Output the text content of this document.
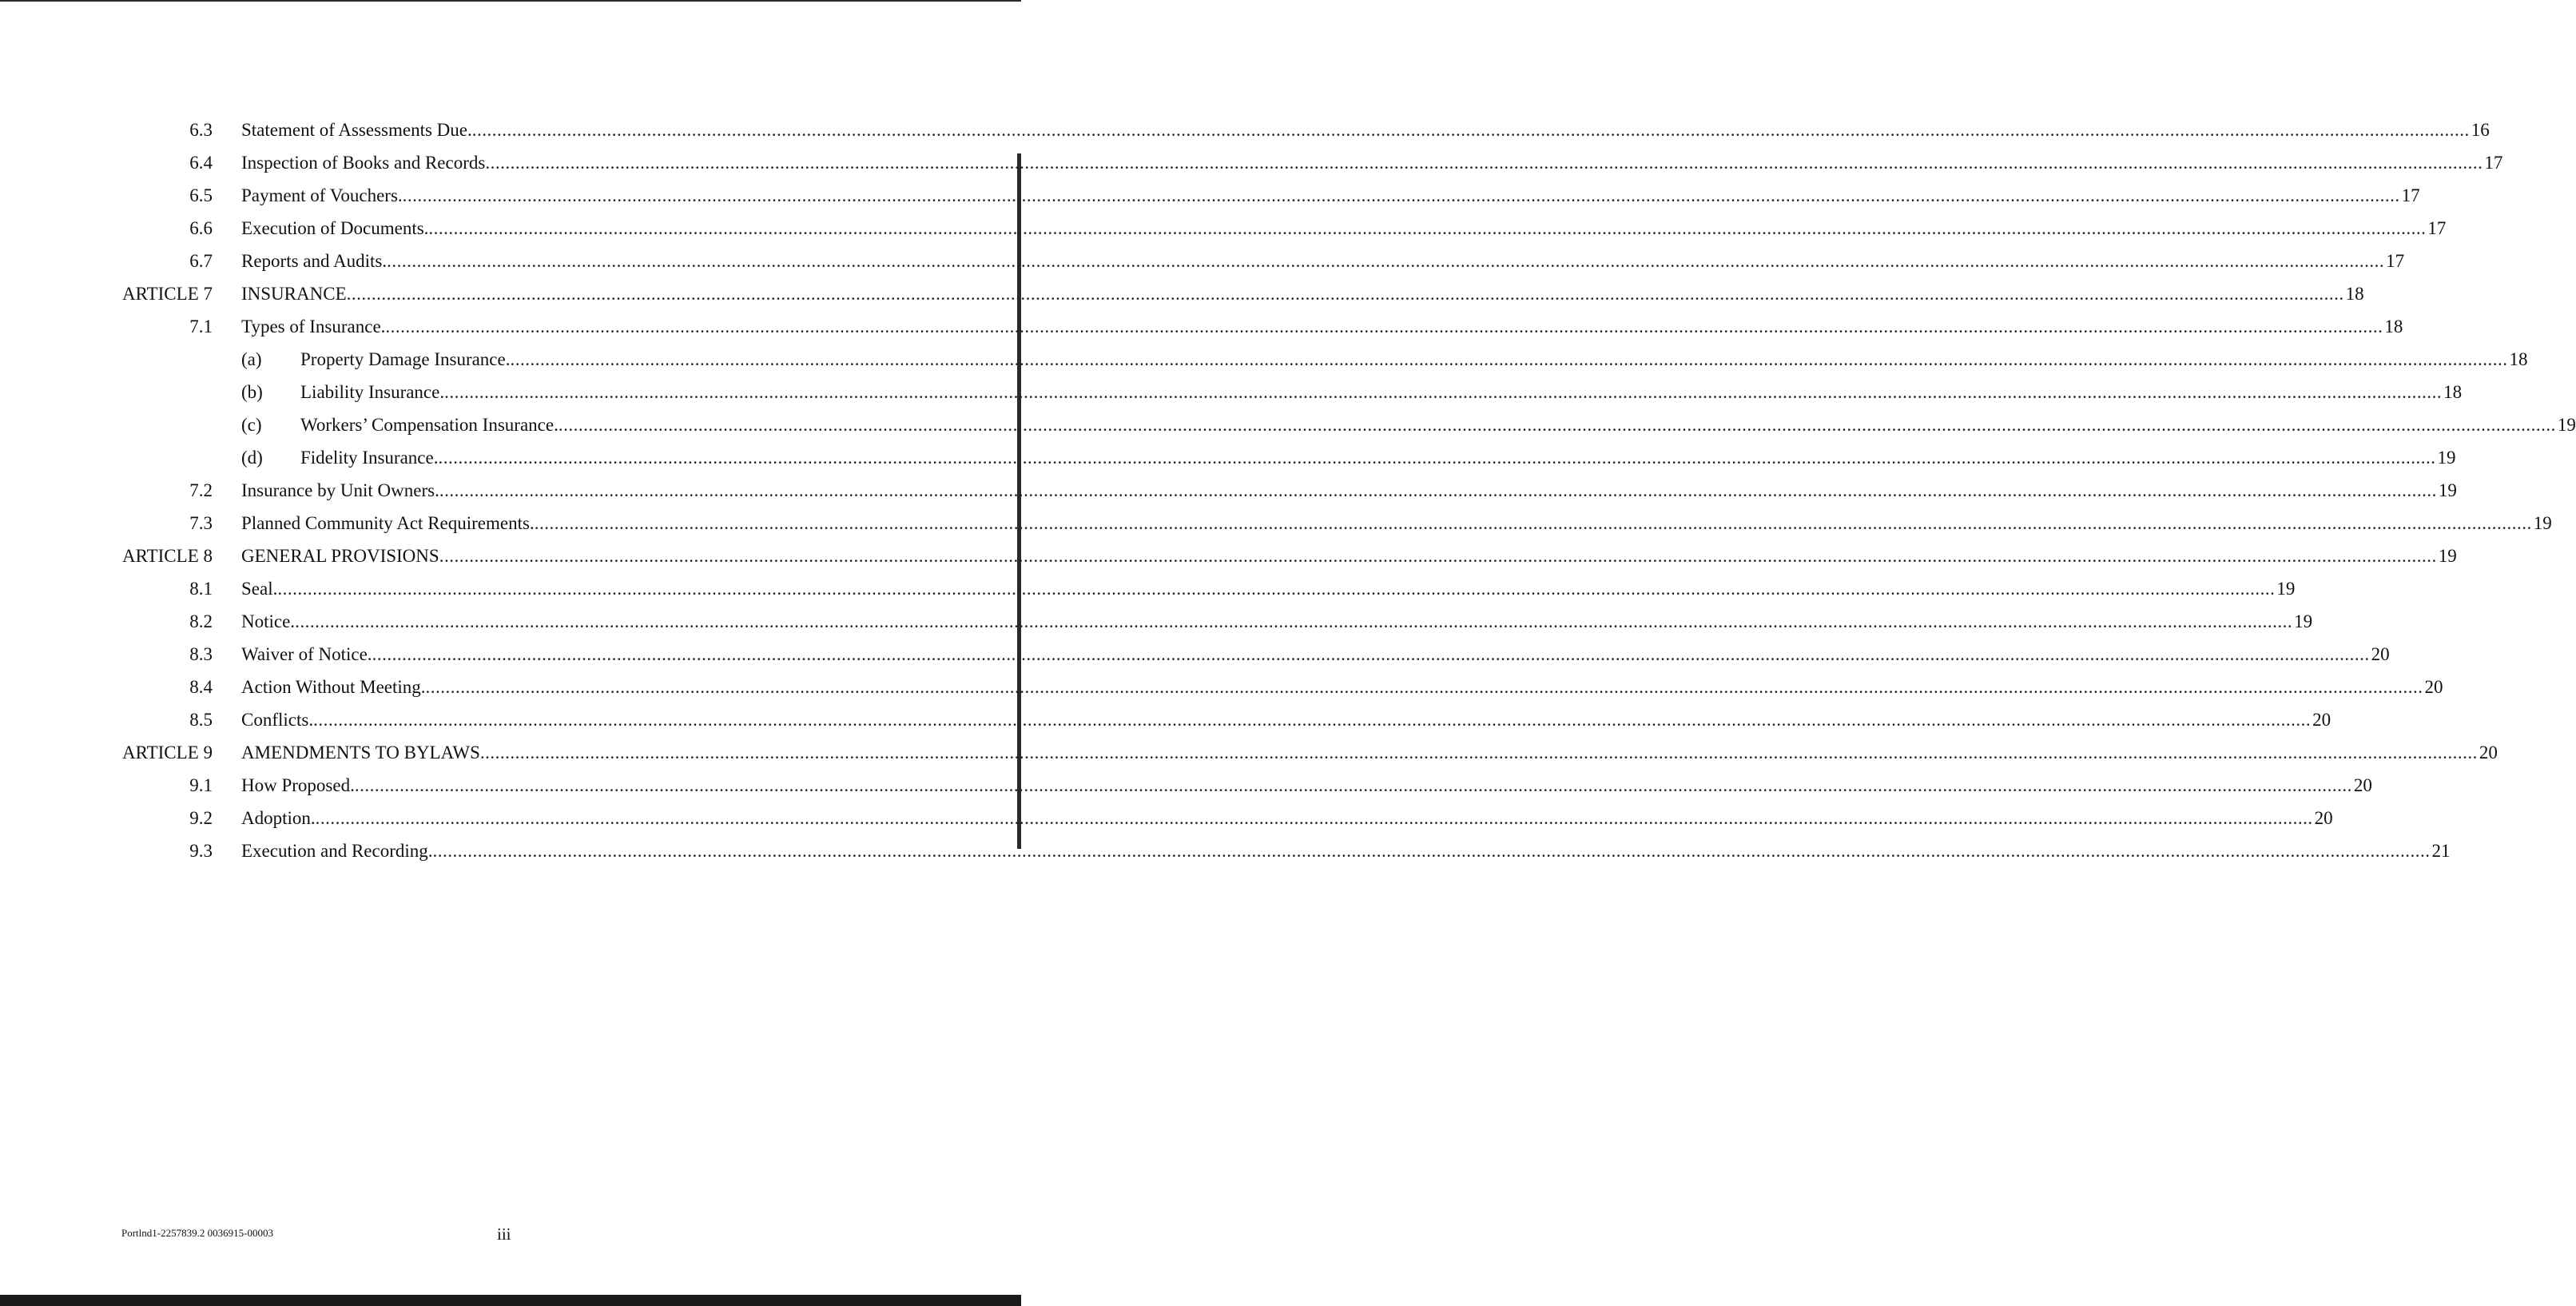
6.3 Statement of Assessments Due. ................................................................................................................................................................................................................................................................................................................................................................................................................ 16
6.4 Inspection of Books and Records ................................................................................................................................................................................................................................................................................................................................................................................................................ 17
6.5 Payment of Vouchers. ................................................................................................................................................................................................................................................................................................................................................................................................................ 17
6.6 Execution of Documents. ................................................................................................................................................................................................................................................................................................................................................................................................................ 17
6.7 Reports and Audits. ................................................................................................................................................................................................................................................................................................................................................................................................................ 17
ARTICLE 7 INSURANCE ................................................................................................................................................................................................................................................................................................................................................................................................................ 18
7.1 Types of Insurance. ................................................................................................................................................................................................................................................................................................................................................................................................................ 18
(a) Property Damage Insurance. ................................................................................................................................................................................................................................................................................................................................................................................................................ 18
(b) Liability Insurance. ................................................................................................................................................................................................................................................................................................................................................................................................................ 18
(c) Workers’ Compensation Insurance. ................................................................................................................................................................................................................................................................................................................................................................................................................ 19
(d) Fidelity Insurance. ................................................................................................................................................................................................................................................................................................................................................................................................................ 19
7.2 Insurance by Unit Owners. ................................................................................................................................................................................................................................................................................................................................................................................................................ 19
7.3 Planned Community Act Requirements. ................................................................................................................................................................................................................................................................................................................................................................................................................ 19
ARTICLE 8 GENERAL PROVISIONS ................................................................................................................................................................................................................................................................................................................................................................................................................ 19
8.1 Seal. ................................................................................................................................................................................................................................................................................................................................................................................................................ 19
8.2 Notice. ................................................................................................................................................................................................................................................................................................................................................................................................................ 19
8.3 Waiver of Notice. ................................................................................................................................................................................................................................................................................................................................................................................................................ 20
8.4 Action Without Meeting. ................................................................................................................................................................................................................................................................................................................................................................................................................ 20
8.5 Conflicts. ................................................................................................................................................................................................................................................................................................................................................................................................................ 20
ARTICLE 9 AMENDMENTS TO BYLAWS ................................................................................................................................................................................................................................................................................................................................................................................................................ 20
9.1 How Proposed. ................................................................................................................................................................................................................................................................................................................................................................................................................ 20
9.2 Adoption. ................................................................................................................................................................................................................................................................................................................................................................................................................ 20
9.3 Execution and Recording. ................................................................................................................................................................................................................................................................................................................................................................................................................ 21
Portlnd1-2257839.2 0036915-00003	iii
